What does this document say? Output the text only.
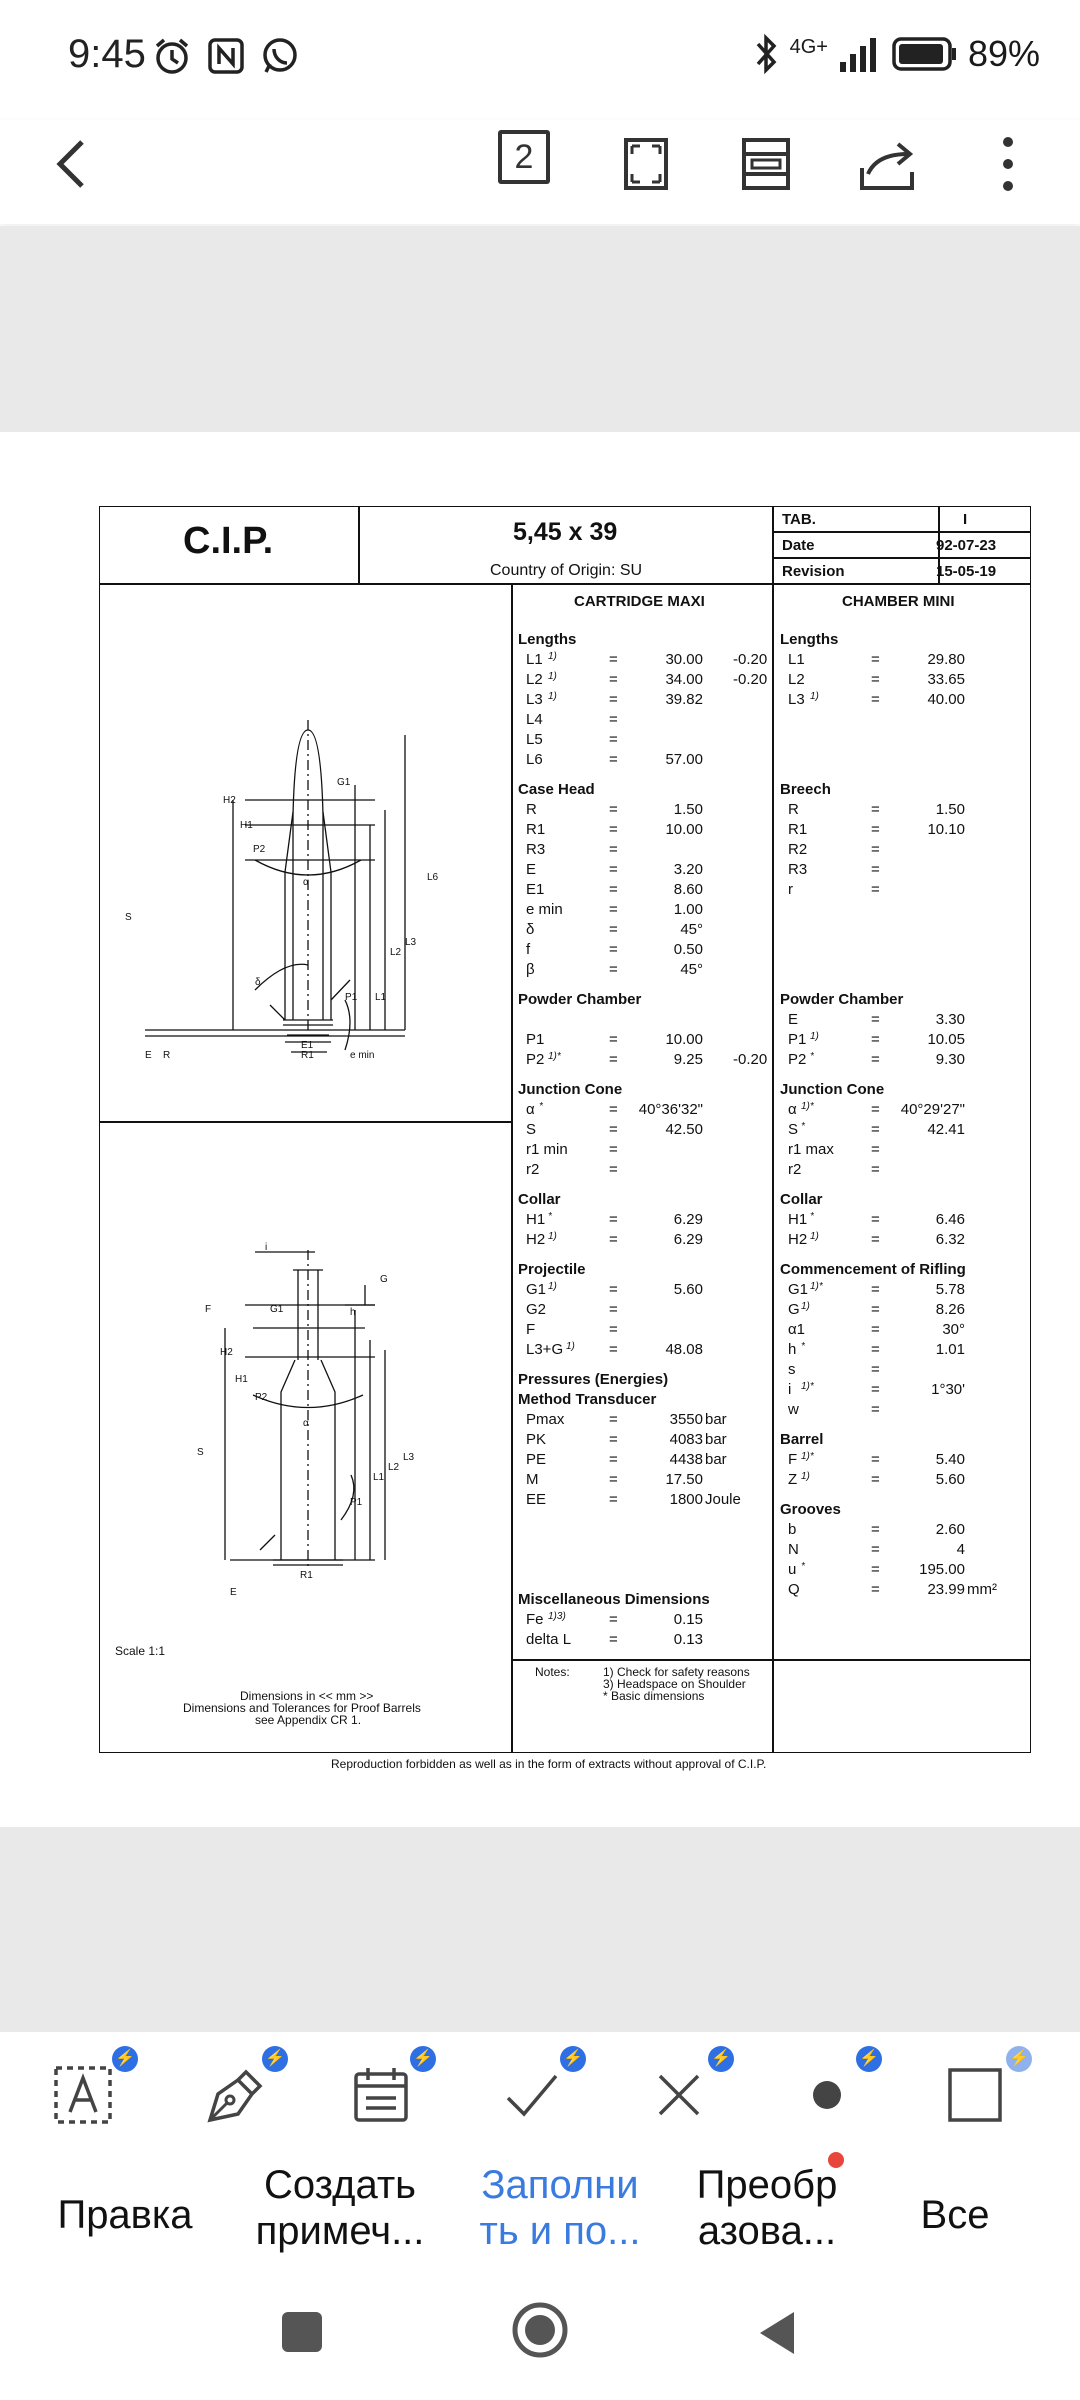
9:45	4G+	89%
2
C.I.P.	5,45 x 39
Country of Origin: SU
TAB.	I
Date	92-07-23
Revision	15-05-19
CARTRIDGE MAXI	CHAMBER MINI
Scale 1:1
Dimensions in << mm >>
Dimensions and Tolerances for Proof Barrels
see Appendix CR 1.
Notes:	1) Check for safety reasons
3) Headspace on Shoulder
* Basic dimensions
Reproduction forbidden as well as in the form of extracts without approval of C.I.P.
Lengths
L1 1)	=	30.00 -0.20
L2 1)	=	34.00 -0.20
L3 1)	=	39.82
L4	=
L5	=
L6	=	57.00
Case Head
R	=	1.50
R1	=	10.00
R3	=
E	=	3.20
E1	=	8.60
e min	=	1.00
δ	=	45°
f	=	0.50
β	=	45°
Powder Chamber
P1	=	10.00
P2 1)*	=	9.25 -0.20
Junction Cone
α *	= 40°36'32"
S	=	42.50
r1 min	=
r2	=
Collar
H1 *	=	6.29
H2 1)	=	6.29
Projectile
G1 1)	=	5.60
G2	=
F	=
L3+G 1) =	48.08
Pressures (Energies)
Method Transducer
Pmax	=	3550 bar
PK	=	4083 bar
PE	=	4438 bar
M	=	17.50
EE	=	1800 Joule
Miscellaneous Dimensions
Fe 1)3)	=	0.15
delta L	=	0.13
Lengths
L1	=	29.80
L2	=	33.65
L3 1)	=	40.00
Breech
R	=	1.50
R1	=	10.10
R2	=
R3	=
r	=
Powder Chamber
E	=	3.30
P1 1)	=	10.05
P2 *	=	9.30
Junction Cone
α 1)*	= 40°29'27"
S *	=	42.41
r1 max =
r2	=
Collar
H1 *	=	6.46
H2 1)	=	6.32
Commencement of Rifling
G1 1)*	=	5.78
G 1)	=	8.26
α1	=	30°
h *	=	1.01
s	=
i 1)*	=	1°30'
w	=
Barrel
F 1)*	=	5.40
Z 1)	=	5.60
Grooves
b	=	2.60
N	=	4
u *	=	195.00
Q	=	23.99 mm²
H2
H1
P2
G1
α
S
L1
L2
L3
L6
P1
E1
R1
E R	e min
δ
i
G
F	G1	h
H2
H1
P2
α
S
P1
L1
L2
L3
R1
E
⚡	⚡	⚡	⚡	⚡	⚡	⚡
Правка
Создать
примеч...
Заполни
ть и по...
Преобр
азова...	Все
